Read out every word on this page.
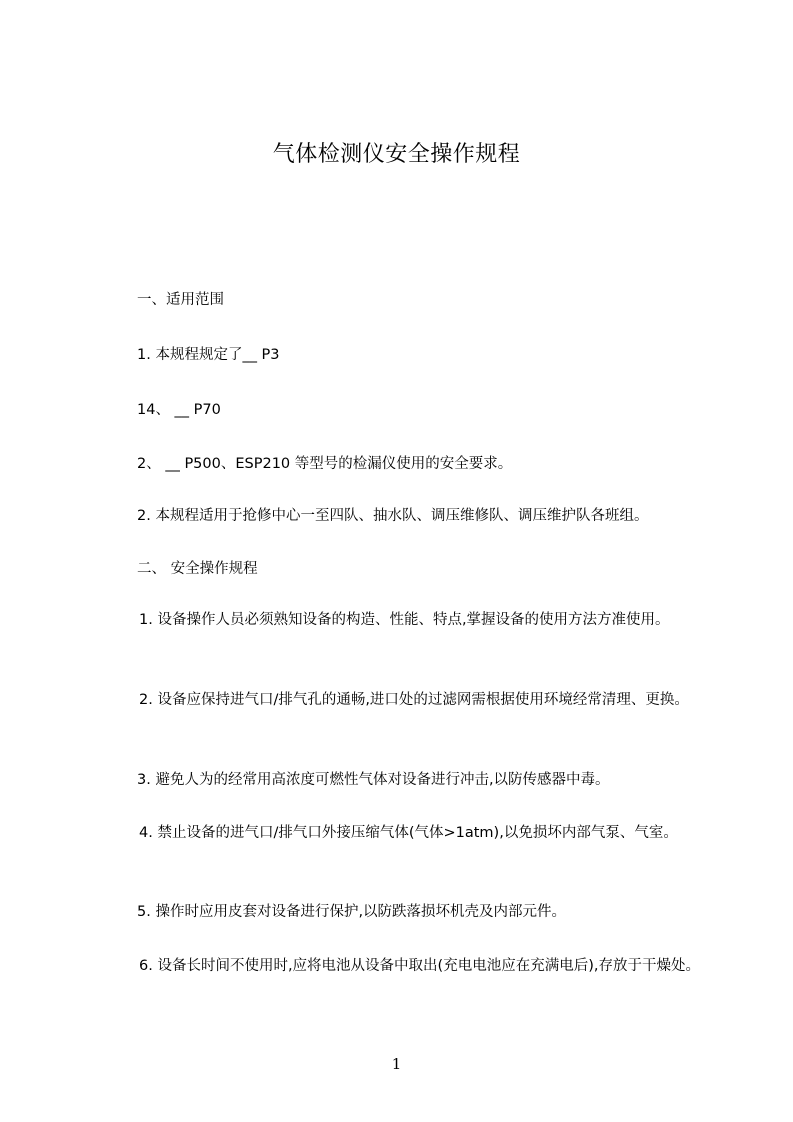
气体检测仪安全操作规程
一、适用范围
1. 本规程规定了__ P3
14、 __ P70
2、 __ P500、ESP210 等型号的检漏仪使用的安全要求。
2. 本规程适用于抢修中心一至四队、抽水队、调压维修队、调压维护队各班组。
二、 安全操作规程
1. 设备操作人员必须熟知设备的构造、性能、特点,掌握设备的使用方法方准使用。
2. 设备应保持进气口/排气孔的通畅,进口处的过滤网需根据使用环境经常清理、更换。
3. 避免人为的经常用高浓度可燃性气体对设备进行冲击,以防传感器中毒。
4. 禁止设备的进气口/排气口外接压缩气体(气体>1atm),以免损坏内部气泵、气室。
5. 操作时应用皮套对设备进行保护,以防跌落损坏机壳及内部元件。
6. 设备长时间不使用时,应将电池从设备中取出(充电电池应在充满电后),存放于干燥处。
1
